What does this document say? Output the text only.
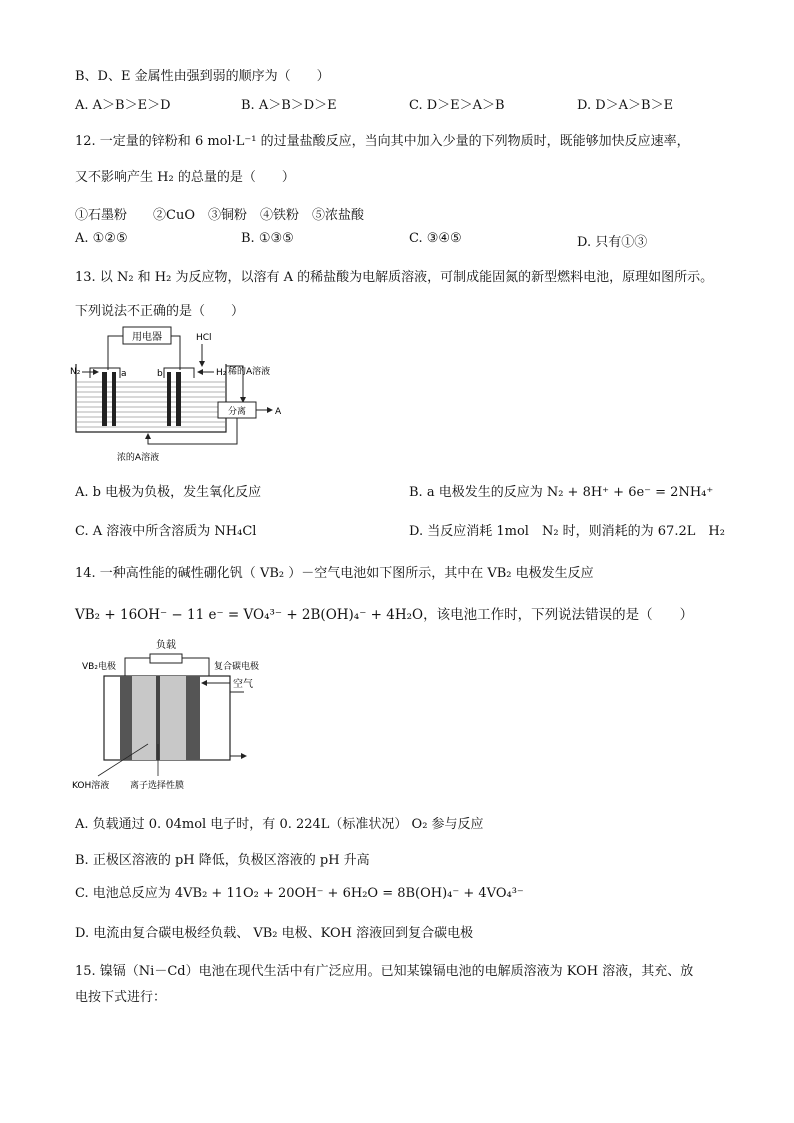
B、D、E 金属性由强到弱的顺序为（　　）
A. A＞B＞E＞D	B. A＞B＞D＞E	C. D＞E＞A＞B	D. D＞A＞B＞E
12. 一定量的锌粉和 6 mol·L⁻¹ 的过量盐酸反应，当向其中加入少量的下列物质时，既能够加快反应速率，
又不影响产生 H₂ 的总量的是（　　）
①石墨粉　　②CuO　③铜粉　④铁粉　⑤浓盐酸
A. ①②⑤	B. ①③⑤	C. ③④⑤	D. 只有①③
13. 以 N₂ 和 H₂ 为反应物，以溶有 A 的稀盐酸为电解质溶液，可制成能固氮的新型燃料电池，原理如图所示。
下列说法不正确的是（　　）
用电器	HCl
a	b
N₂	H₂ 稀的A溶液
分离	A
浓的A溶液
A. b 电极为负极，发生氧化反应	B. a 电极发生的反应为 N₂ + 8H⁺ + 6e⁻ = 2NH₄⁺
C. A 溶液中所含溶质为 NH₄Cl	D. 当反应消耗 1mol　N₂ 时，则消耗的为 67.2L　H₂
14. 一种高性能的碱性硼化钒（ VB₂ ）－空气电池如下图所示，其中在 VB₂ 电极发生反应
VB₂ + 16OH⁻ − 11 e⁻ = VO₄³⁻ + 2B(OH)₄⁻ + 4H₂O，该电池工作时，下列说法错误的是（　　）
负载
VB₂电极	复合碳电极
空气
KOH溶液 离子选择性膜
A. 负载通过 0. 04mol 电子时，有 0. 224L（标准状况） O₂ 参与反应
B. 正极区溶液的 pH 降低，负极区溶液的 pH 升高
C. 电池总反应为 4VB₂ + 11O₂ + 20OH⁻ + 6H₂O = 8B(OH)₄⁻ + 4VO₄³⁻
D. 电流由复合碳电极经负载、 VB₂ 电极、KOH 溶液回到复合碳电极
15. 镍镉（Ni－Cd）电池在现代生活中有广泛应用。已知某镍镉电池的电解质溶液为 KOH 溶液，其充、放
电按下式进行：
